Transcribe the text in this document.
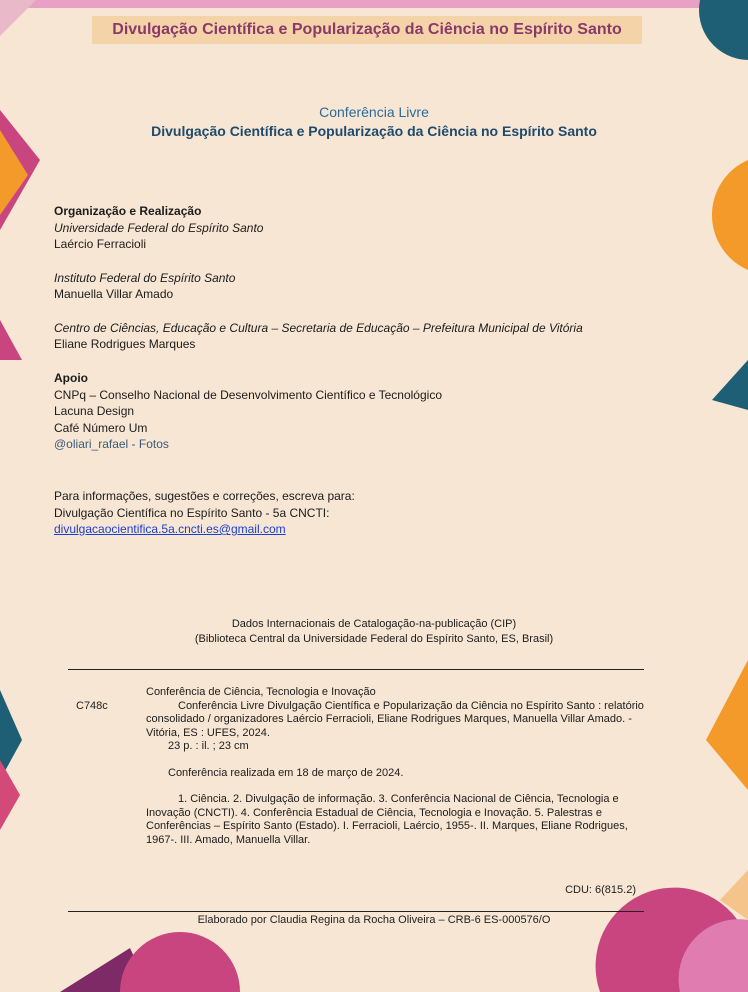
Divulgação Científica e Popularização da Ciência no Espírito Santo
Conferência Livre
Divulgação Científica e Popularização da Ciência no Espírito Santo
Organização e Realização
Universidade Federal do Espírito Santo
Laércio Ferracioli
Instituto Federal do Espírito Santo
Manuella Villar Amado
Centro de Ciências, Educação e Cultura – Secretaria de Educação – Prefeitura Municipal de Vitória
Eliane Rodrigues Marques
Apoio
CNPq – Conselho Nacional de Desenvolvimento Científico e Tecnológico
Lacuna Design
Café Número Um
@oliari_rafael - Fotos
Para informações, sugestões e correções, escreva para:
Divulgação Científica no Espírito Santo - 5a CNCTI:
divulgacaocientifica.5a.cncti.es@gmail.com
Dados Internacionais de Catalogação-na-publicação (CIP)
(Biblioteca Central da Universidade Federal do Espírito Santo, ES, Brasil)
C748c

Conferência de Ciência, Tecnologia e Inovação

Conferência Livre Divulgação Científica e Popularização da Ciência no Espírito Santo : relatório consolidado / organizadores Laércio Ferracioli, Eliane Rodrigues Marques, Manuella Villar Amado. - Vitória, ES : UFES, 2024.

23 p. : il. ; 23 cm

Conferência realizada em 18 de março de 2024.

1. Ciência. 2. Divulgação de informação. 3. Conferência Nacional de Ciência, Tecnologia e Inovação (CNCTI). 4. Conferência Estadual de Ciência, Tecnologia e Inovação. 5. Palestras e Conferências – Espírito Santo (Estado). I. Ferracioli, Laércio, 1955-. II. Marques, Eliane Rodrigues, 1967-. III. Amado, Manuella Villar.

CDU: 6(815.2)
Elaborado por Claudia Regina da Rocha Oliveira – CRB-6 ES-000576/O
